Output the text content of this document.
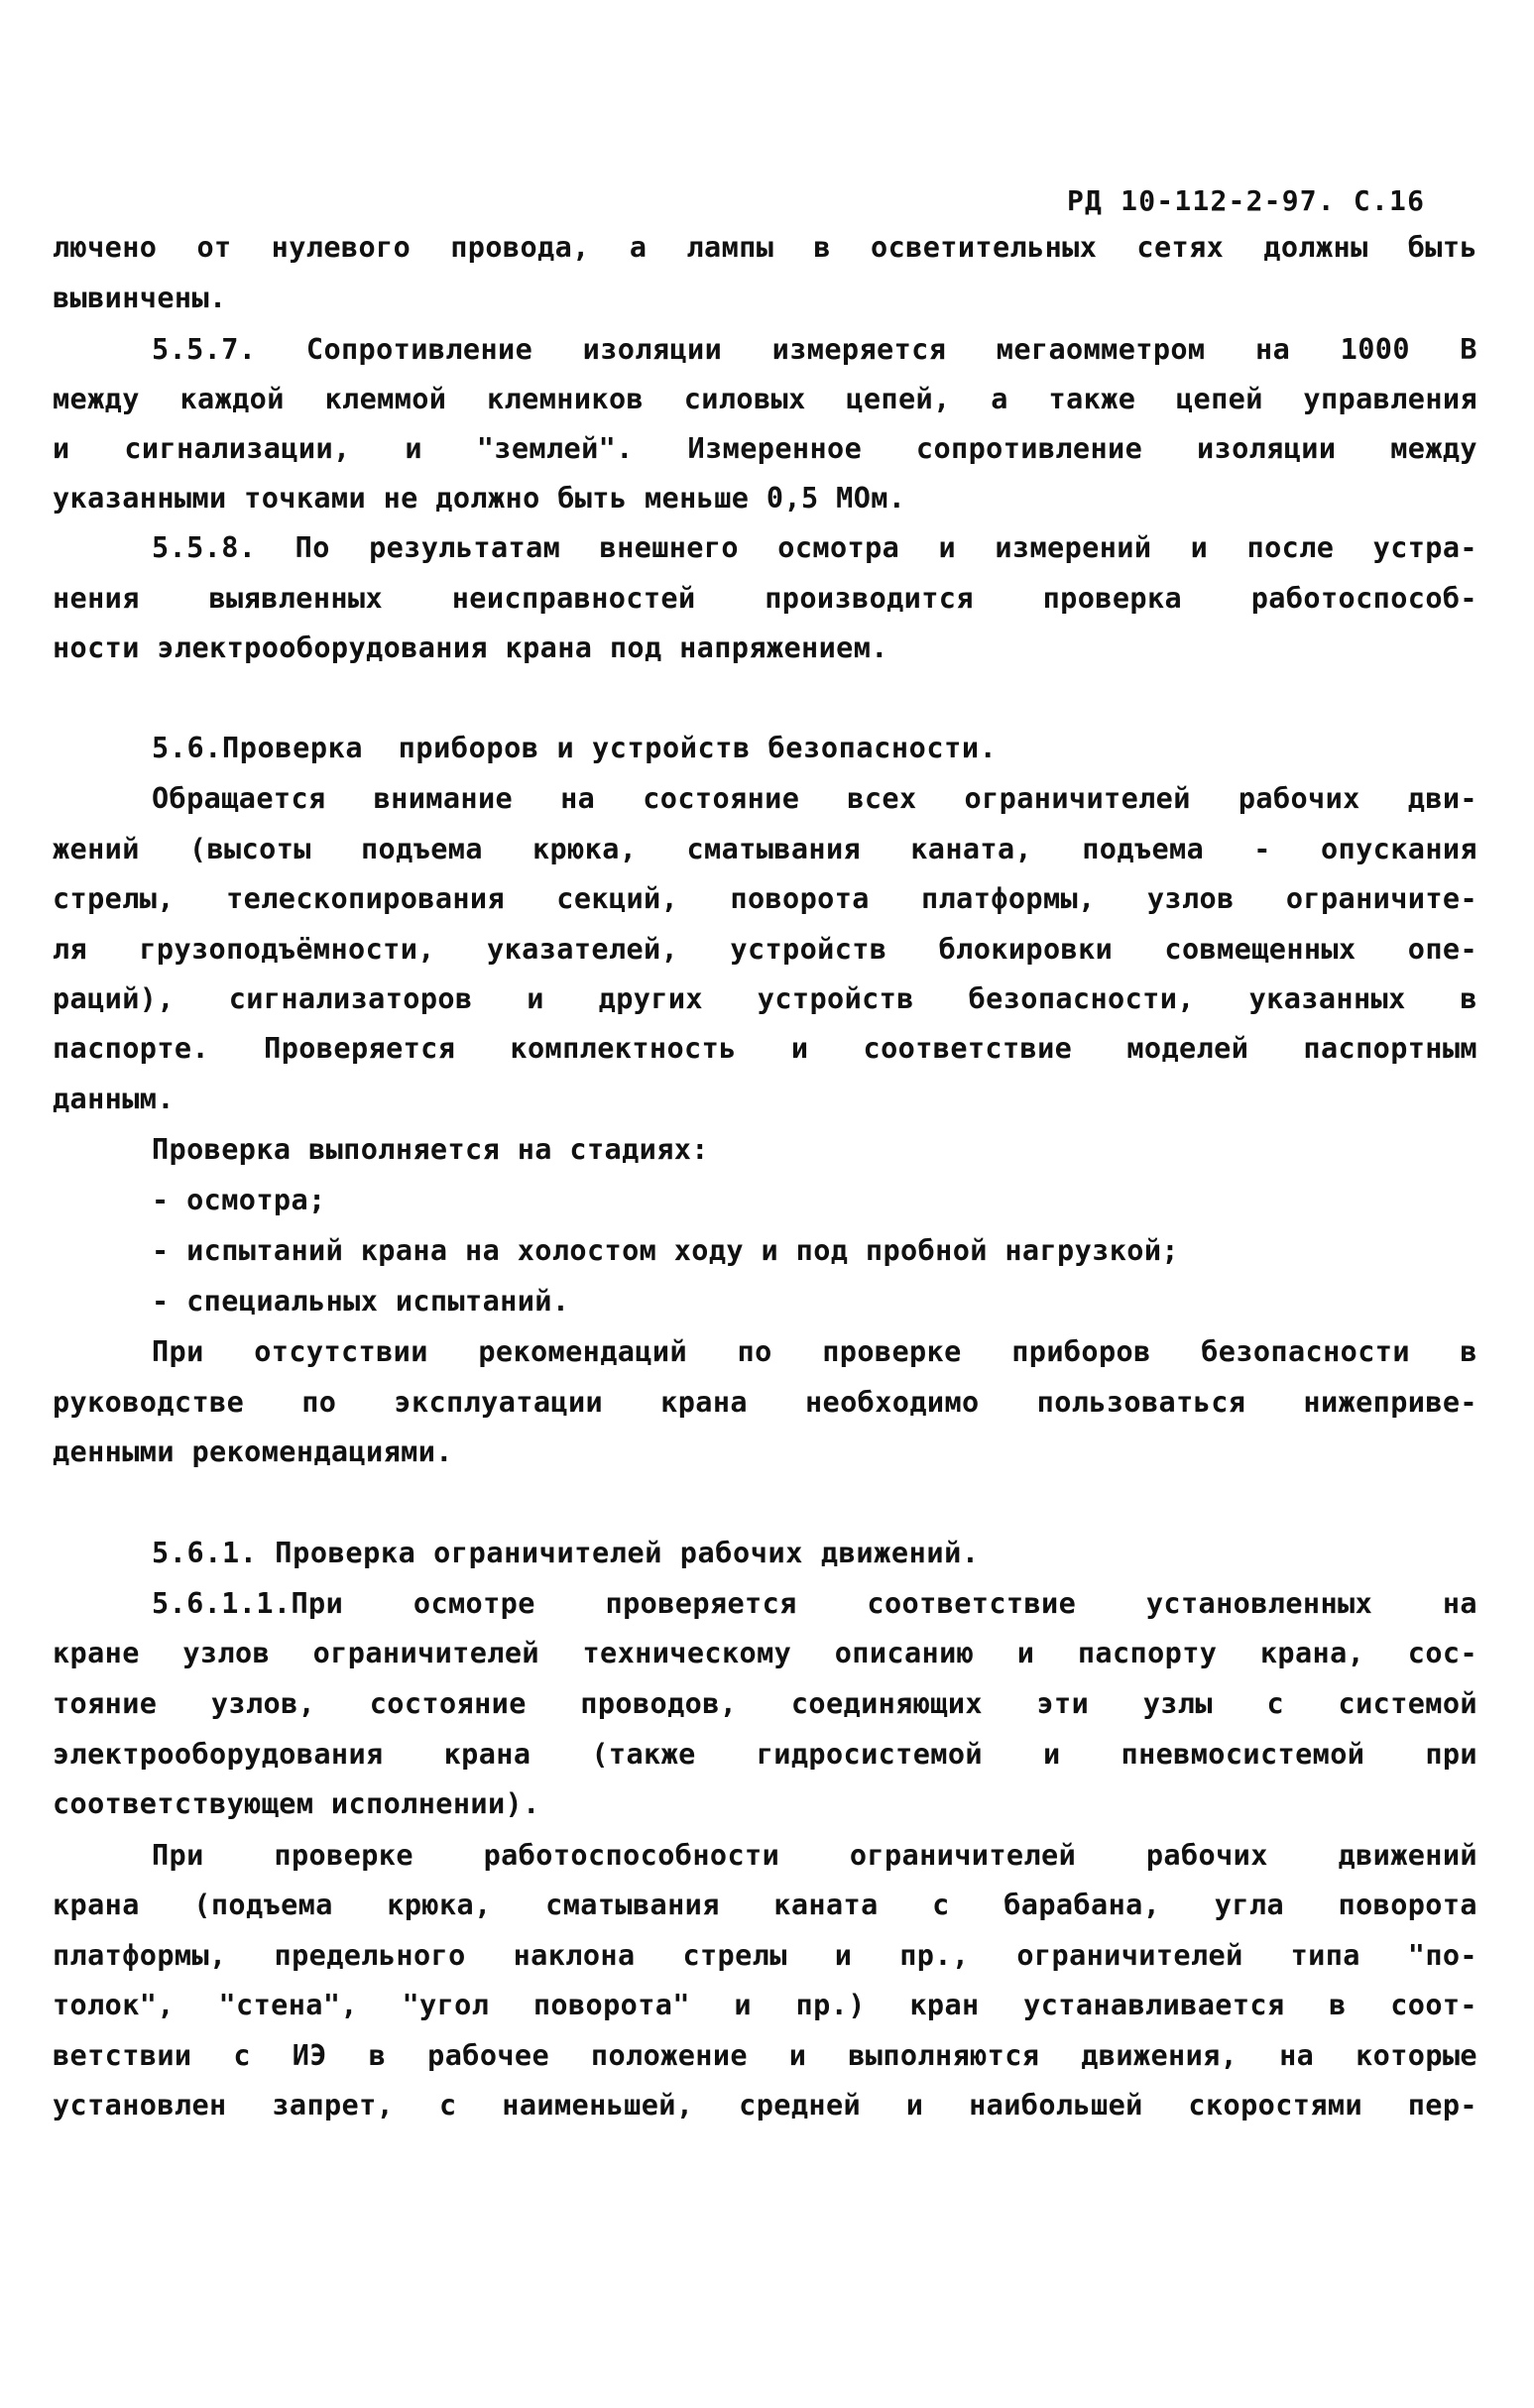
РД 10-112-2-97. С.16
лючено от нулевого провода, а лампы в осветительных сетях должны быть
вывинчены.
5.5.7. Сопротивление изоляции измеряется мегаомметром на 1000 В
между каждой клеммой клемников силовых цепей, а также цепей управления
и сигнализации, и "землей". Измеренное сопротивление изоляции между
указанными точками не должно быть меньше 0,5 МОм.
5.5.8. По результатам внешнего осмотра и измерений и после устра-
нения выявленных неисправностей производится проверка работоспособ-
ности электрооборудования крана под напряжением.
5.6.Проверка  приборов и устройств безопасности.
Обращается внимание на состояние всех ограничителей рабочих дви-
жений (высоты подъема крюка, сматывания каната, подъема - опускания
стрелы, телескопирования секций, поворота платформы, узлов ограничите-
ля грузоподъёмности, указателей, устройств блокировки совмещенных опе-
раций), сигнализаторов и других устройств безопасности, указанных в
паспорте. Проверяется комплектность и соответствие моделей паспортным
данным.
Проверка выполняется на стадиях:
- осмотра;
- испытаний крана на холостом ходу и под пробной нагрузкой;
- специальных испытаний.
При отсутствии рекомендаций по проверке приборов безопасности в
руководстве по эксплуатации крана необходимо пользоваться нижеприве-
денными рекомендациями.
5.6.1. Проверка ограничителей рабочих движений.
5.6.1.1.При осмотре проверяется соответствие установленных на
кране узлов ограничителей техническому описанию и паспорту крана, сос-
тояние узлов, состояние проводов, соединяющих эти узлы с системой
электрооборудования крана (также гидросистемой и пневмосистемой при
соответствующем исполнении).
При проверке работоспособности ограничителей рабочих движений
крана (подъема крюка, сматывания каната с барабана, угла поворота
платформы, предельного наклона стрелы и пр., ограничителей типа "по-
толок", "стена", "угол поворота" и пр.) кран устанавливается в соот-
ветствии с ИЭ в рабочее положение и выполняются движения, на которые
установлен запрет, с наименьшей, средней и наибольшей скоростями пер-
